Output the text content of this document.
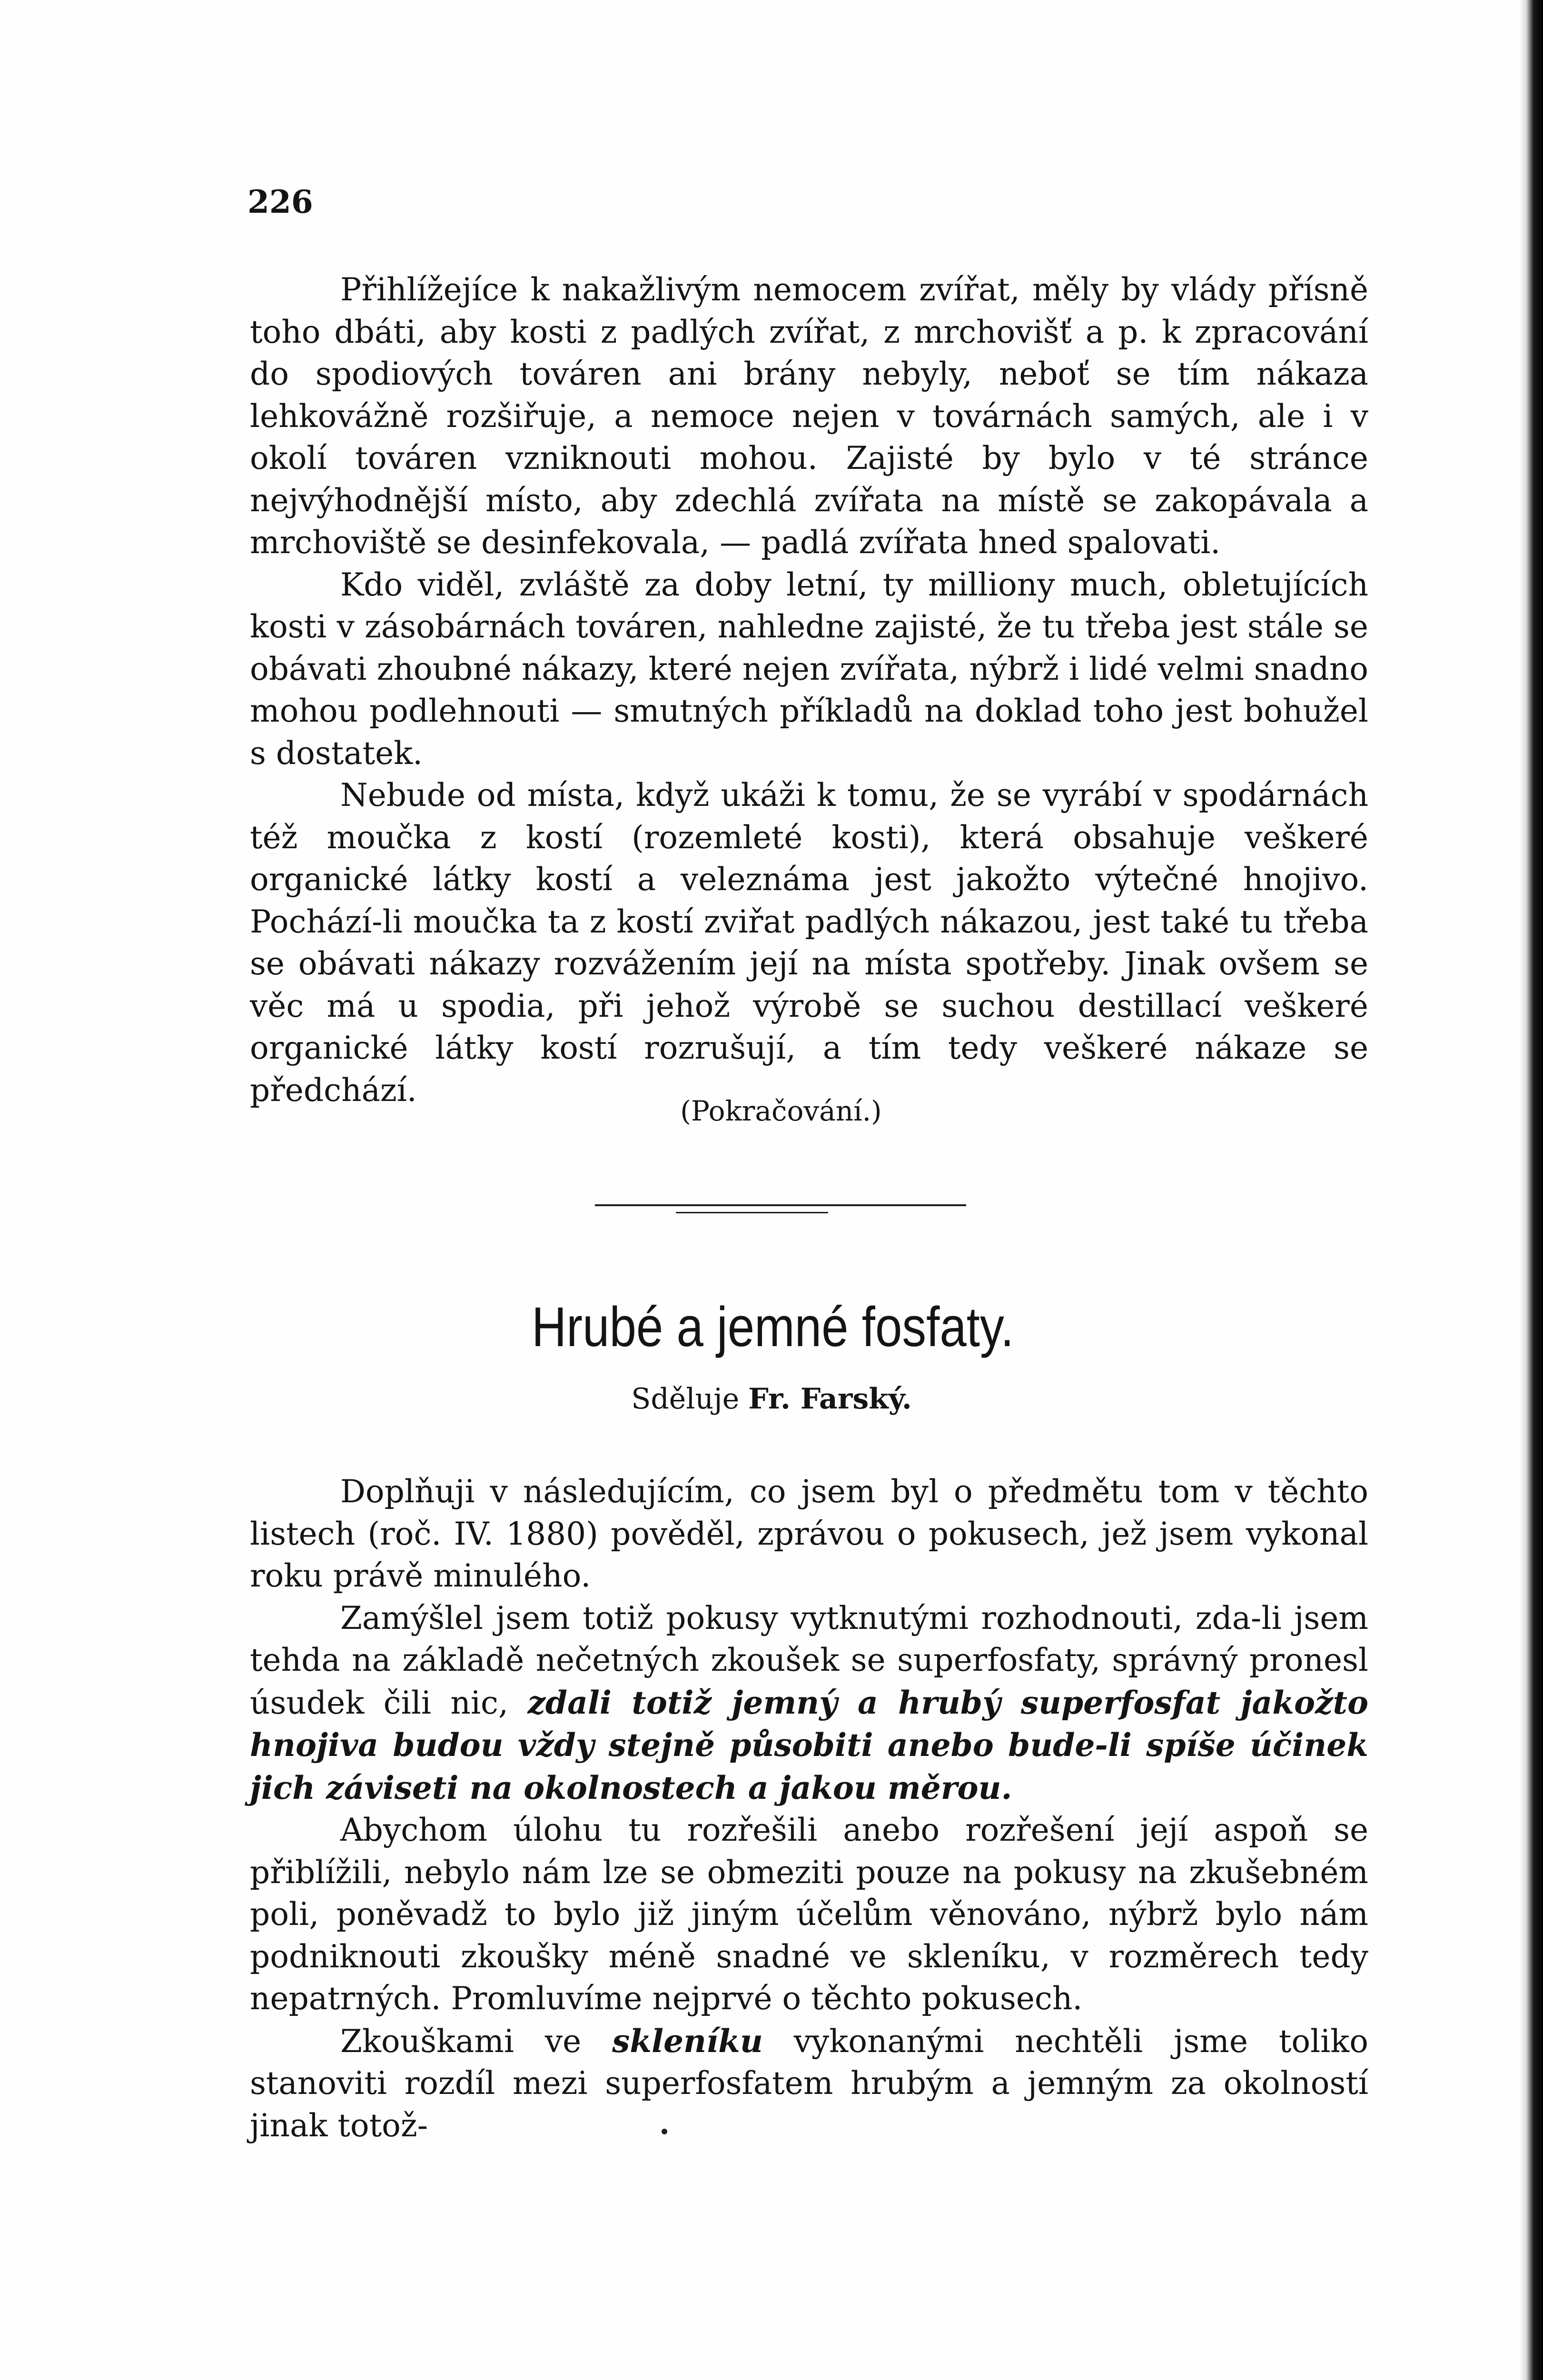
226

Přihlížejíce k nakažlivým nemocem zvířat, měly by vlády přísně toho dbáti, aby kosti z padlých zvířat, z mrchovišť a p. k zpracování do spodiových továren ani brány nebyly, neboť se tím nákaza lehkovážně rozšiřuje, a nemoce nejen v továrnách samých, ale i v okolí továren vzniknouti mohou. Zajisté by bylo v té stránce nejvýhodnější místo, aby zdechlá zvířata na místě se zakopávala a mrchoviště se desinfekovala, — padlá zvířata hned spalovati.

Kdo viděl, zvláště za doby letní, ty milliony much, obletujících kosti v zásobárnách továren, nahledne zajisté, že tu třeba jest stále se obávati zhoubné nákazy, které nejen zvířata, nýbrž i lidé velmi snadno mohou podlehnouti — smutných příkladů na doklad toho jest bohužel s dostatek.

Nebude od místa, když ukáži k tomu, že se vyrábí v spodárnách též moučka z kostí (rozemleté kosti), která obsahuje veškeré organické látky kostí a veleznáma jest jakožto výtečné hnojivo. Pochází-li moučka ta z kostí zviřat padlých nákazou, jest také tu třeba se obávati nákazy rozvážením její na místa spotřeby. Jinak ovšem se věc má u spodia, při jehož výrobě se suchou destillací veškeré organické látky kostí rozrušují, a tím tedy veškeré nákaze se předchází.

(Pokračování.)
Hrubé a jemné fosfaty.
Sděluje Fr. Farský.

Doplňuji v následujícím, co jsem byl o předmětu tom v těchto listech (roč. IV. 1880) pověděl, zprávou o pokusech, jež jsem vykonal roku právě minulého.

Zamýšlel jsem totiž pokusy vytknutými rozhodnouti, zda-li jsem tehda na základě nečetných zkoušek se superfosfaty, správný pronesl úsudek čili nic, zdali totiž jemný a hrubý superfosfat jakožto hnojiva budou vždy stejně působiti anebo bude-li spíše účinek jich záviseti na okolnostech a jakou měrou.

Abychom úlohu tu rozřešili anebo rozřešení její aspoň se přiblížili, nebylo nám lze se obmeziti pouze na pokusy na zkušebném poli, poněvadž to bylo již jiným účelům věnováno, nýbrž bylo nám podniknouti zkoušky méně snadné ve skleníku, v rozměrech tedy nepatrných. Promluvíme nejprvé o těchto pokusech.

Zkouškami ve skleníku vykonanými nechtěli jsme toliko stanoviti rozdíl mezi superfosfatem hrubým a jemným za okolností jinak totož-
